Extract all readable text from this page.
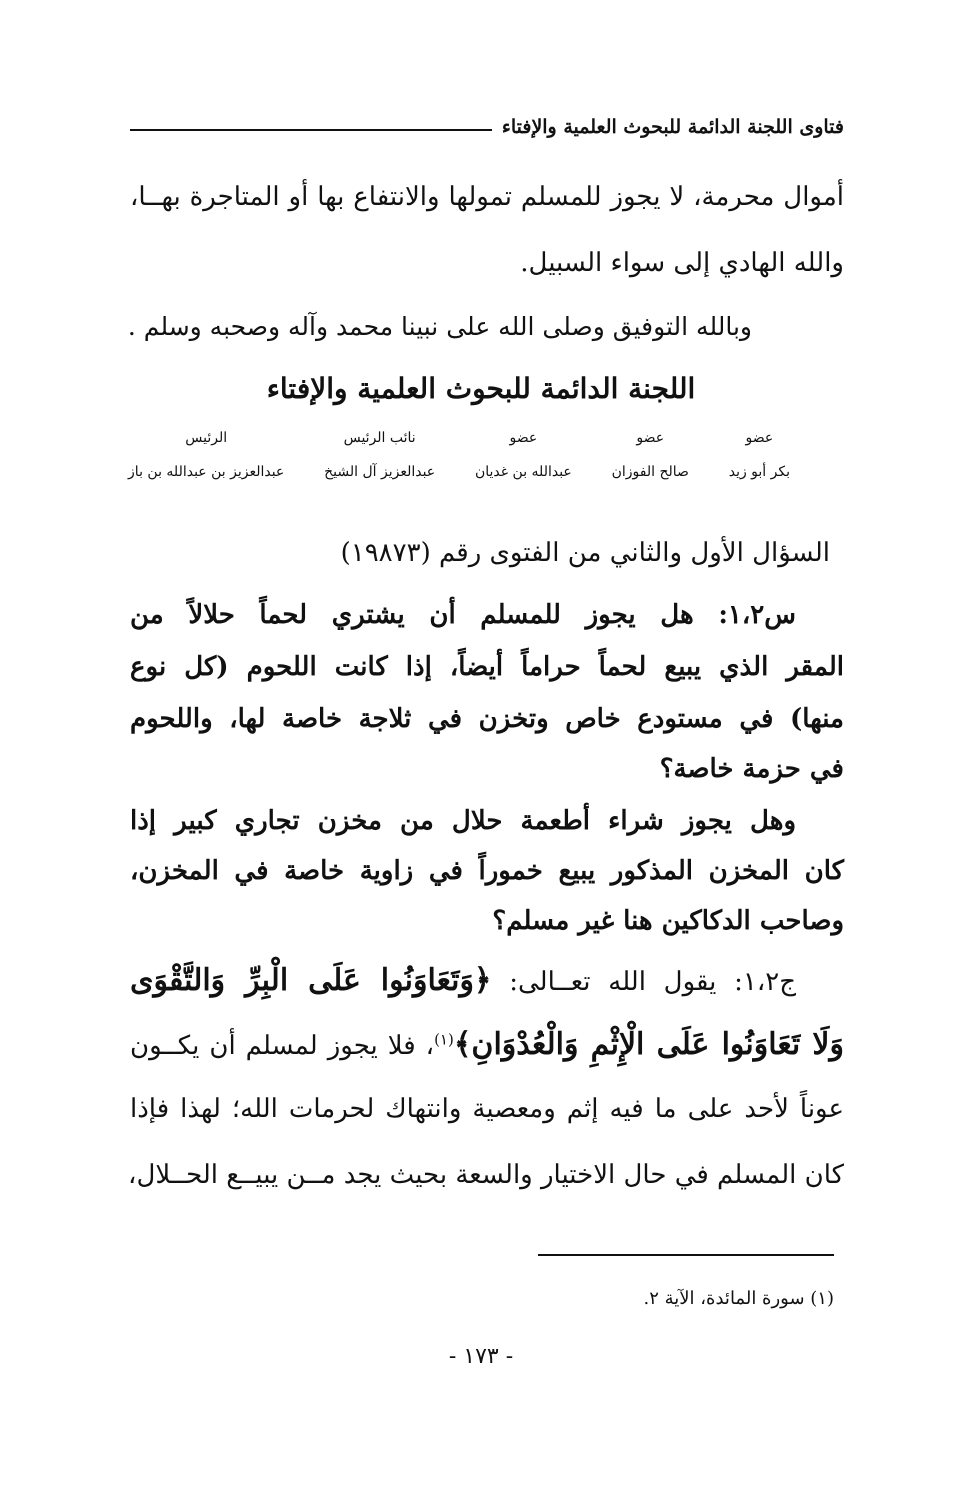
فتاوى اللجنة الدائمة للبحوث العلمية والإفتاء
أموال محرمة، لا يجوز للمسلم تمولها والانتفاع بها أو المتاجرة بهــا،
والله الهادي إلى سواء السبيل.
وبالله التوفيق وصلى الله على نبينا محمد وآله وصحبه وسلم .
اللجنة الدائمة للبحوث العلمية والإفتاء
عضو
بكر أبو زيد
عضو
صالح الفوزان
عضو
عبدالله بن غديان
نائب الرئيس
عبدالعزيز آل الشيخ
الرئيس
عبدالعزيز بن عبدالله بن باز
السؤال الأول والثاني من الفتوى رقم (١٩٨٧٣)
س١،٢: هل يجوز للمسلم أن يشتري لحماً حلالاً من
المقر الذي يبيع لحماً حراماً أيضاً، إذا كانت اللحوم (كل نوع
منها) في مستودع خاص وتخزن في ثلاجة خاصة لها، واللحوم
في حزمة خاصة؟
وهل يجوز شراء أطعمة حلال من مخزن تجاري كبير إذا
كان المخزن المذكور يبيع خموراً في زاوية خاصة في المخزن،
وصاحب الدكاكين هنا غير مسلم؟
ج١،٢: يقول الله تعــالى: ﴿وَتَعَاوَنُوا عَلَى الْبِرِّ وَالتَّقْوَى
وَلَا تَعَاوَنُوا عَلَى الْإِثْمِ وَالْعُدْوَانِ﴾$^{(١)}$، فلا يجوز لمسلم أن يكــون
عوناً لأحد على ما فيه إثم ومعصية وانتهاك لحرمات الله؛ لهذا فإذا
كان المسلم في حال الاختيار والسعة بحيث يجد مــن يبيــع الحــلال،
(١) سورة المائدة، الآية ٢.
- ١٧٣ -
